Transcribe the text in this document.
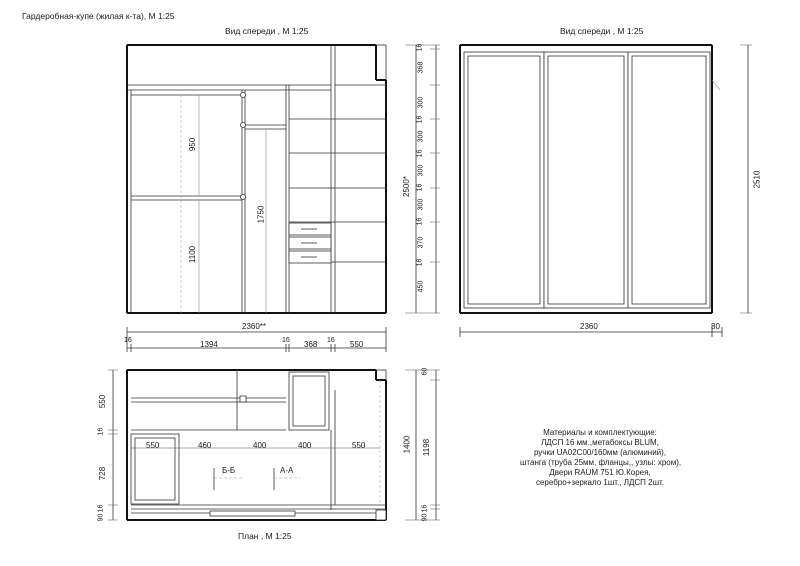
Гардеробная-купе (жилая к-та), М 1:25
Вид спереди , М 1:25	Вид спереди , М 1:25
План , М 1:25
950
1100
1750
2360**
16	1394	16 368 16 550
16
368
300
16
300
16
300
16
300
16
370
16
450
2500*
2360	80
2510
550	460	400	400	550
550
16
728
90
16
60
1400 1198
16
90
Б-Б	А-А
Материалы и комплектующие:
ЛДСП 16 мм.,метабоксы BLUM,
ручки UA02C00/160мм (алюминий),
штанга (труба 25мм, фланцы,, узлы: хром),
Двери RAUM 751 Ю.Корея,
серебро+зеркало 1шт., ЛДСП 2шт.
